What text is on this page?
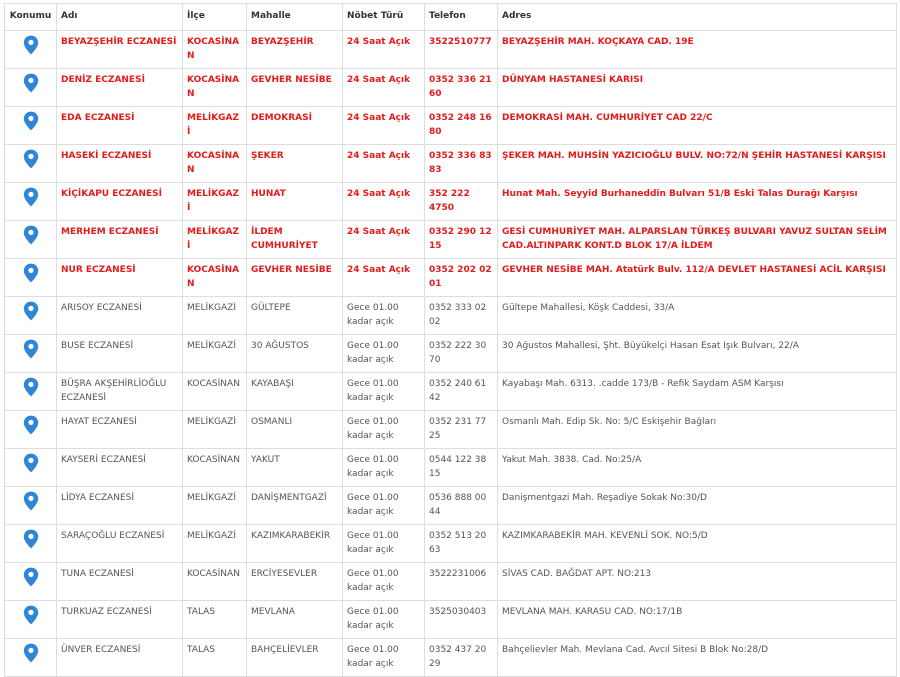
Konumu	Adı	İlçe	Mahalle	Nöbet Türü	Telefon	Adres

	BEYAZŞEHİR ECZANESİ	KOCASİNAN	BEYAZŞEHİR	24 Saat Açık	3522510777	BEYAZŞEHİR MAH. KOÇKAYA CAD. 19E

	DENİZ ECZANESİ	KOCASİNAN	GEVHER NESİBE	24 Saat Açık	0352 336 21 60	DÜNYAM HASTANESİ KARISI

	EDA ECZANESİ	MELİKGAZİ	DEMOKRASİ	24 Saat Açık	0352 248 16 80	DEMOKRASİ MAH. CUMHURİYET CAD 22/C

	HASEKİ ECZANESİ	KOCASİNAN	ŞEKER	24 Saat Açık	0352 336 83 83	ŞEKER MAH. MUHSİN YAZICIOĞLU BULV. NO:72/N ŞEHİR HASTANESİ KARŞISI

	KİÇİKAPU ECZANESİ	MELİKGAZİ	HUNAT	24 Saat Açık	352 222 4750	Hunat Mah. Seyyid Burhaneddin Bulvarı 51/B Eski Talas Durağı Karşısı

	MERHEM ECZANESİ	MELİKGAZİ	İLDEM CUMHURİYET	24 Saat Açık	0352 290 12 15	GESİ CUMHURİYET MAH. ALPARSLAN TÜRKEŞ BULVARI YAVUZ SULTAN SELİM CAD.ALTINPARK KONT.D BLOK 17/A İLDEM

	NUR ECZANESİ	KOCASİNAN	GEVHER NESİBE	24 Saat Açık	0352 202 02 01	GEVHER NESİBE MAH. Atatürk Bulv. 112/A DEVLET HASTANESİ ACİL KARŞISI

	ARISOY ECZANESİ	MELİKGAZİ	GÜLTEPE	Gece 01.00 kadar açık	0352 333 02 02	Gültepe Mahallesi, Köşk Caddesi, 33/A

	BUSE ECZANESİ	MELİKGAZİ	30 AĞUSTOS	Gece 01.00 kadar açık	0352 222 30 70	30 Ağustos Mahallesi, Şht. Büyükelçi Hasan Esat Işık Bulvarı, 22/A

	BÜŞRA AKŞEHİRLİOĞLU ECZANESİ	KOCASİNAN	KAYABAŞI	Gece 01.00 kadar açık	0352 240 61 42	Kayabaşı Mah. 6313. .cadde 173/B - Refik Saydam ASM Karşısı

	HAYAT ECZANESİ	MELİKGAZİ	OSMANLI	Gece 01.00 kadar açık	0352 231 77 25	Osmanlı Mah. Edip Sk. No: 5/C Eskişehir Bağları

	KAYSERİ ECZANESİ	KOCASİNAN	YAKUT	Gece 01.00 kadar açık	0544 122 38 15	Yakut Mah. 3838. Cad. No:25/A

	LİDYA ECZANESİ	MELİKGAZİ	DANİŞMENTGAZİ	Gece 01.00 kadar açık	0536 888 00 44	Danişmentgazi Mah. Reşadiye Sokak No:30/D

	SARAÇOĞLU ECZANESİ	MELİKGAZİ	KAZIMKARABEKİR	Gece 01.00 kadar açık	0352 513 20 63	KAZIMKARABEKİR MAH. KEVENLİ SOK. NO:5/D

	TUNA ECZANESİ	KOCASİNAN	ERCİYESEVLER	Gece 01.00 kadar açık	3522231006	SİVAS CAD. BAĞDAT APT. NO:213

	TURKUAZ ECZANESİ	TALAS	MEVLANA	Gece 01.00 kadar açık	3525030403	MEVLANA MAH. KARASU CAD. NO:17/1B

	ÜNVER ECZANESİ	TALAS	BAHÇELİEVLER	Gece 01.00 kadar açık	0352 437 20 29	Bahçelievler Mah. Mevlana Cad. Avcıl Sitesi B Blok No:28/D
